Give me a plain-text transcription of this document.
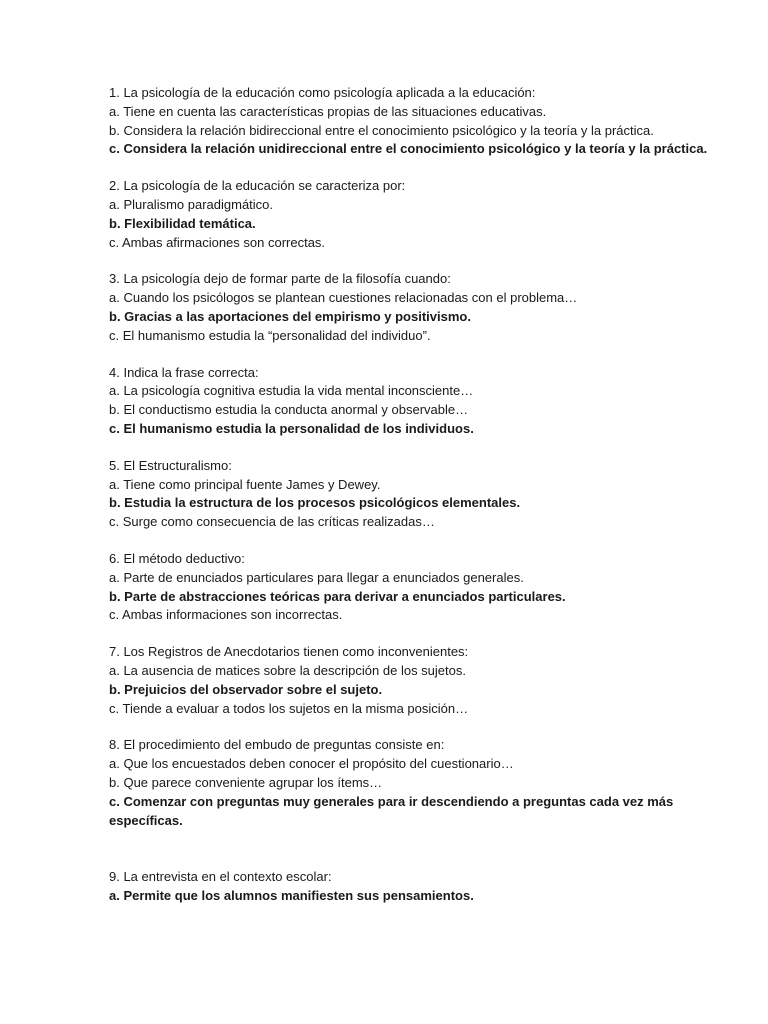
1. La psicología de la educación como psicología aplicada a la educación:
a. Tiene en cuenta las características propias de las situaciones educativas.
b. Considera la relación bidireccional entre el conocimiento psicológico y la teoría y la práctica.
c. Considera la relación unidireccional entre el conocimiento psicológico y la teoría y la práctica.
2. La psicología de la educación se caracteriza por:
a. Pluralismo paradigmático.
b. Flexibilidad temática.
c. Ambas afirmaciones son correctas.
3. La psicología dejo de formar parte de la filosofía cuando:
a. Cuando los psicólogos se plantean cuestiones relacionadas con el problema…
b. Gracias a las aportaciones del empirismo y positivismo.
c. El humanismo estudia la “personalidad del individuo”.
4. Indica la frase correcta:
a. La psicología cognitiva estudia la vida mental inconsciente…
b. El conductismo estudia la conducta anormal y observable…
c. El humanismo estudia la personalidad de los individuos.
5. El Estructuralismo:
a. Tiene como principal fuente James y Dewey.
b. Estudia la estructura de los procesos psicológicos elementales.
c. Surge como consecuencia de las críticas realizadas…
6. El método deductivo:
a. Parte de enunciados particulares para llegar a enunciados generales.
b. Parte de abstracciones teóricas para derivar a enunciados particulares.
c. Ambas informaciones son incorrectas.
7. Los Registros de Anecdotarios tienen como inconvenientes:
a. La ausencia de matices sobre la descripción de los sujetos.
b. Prejuicios del observador sobre el sujeto.
c. Tiende a evaluar a todos los sujetos en la misma posición…
8. El procedimiento del embudo de preguntas consiste en:
a. Que los encuestados deben conocer el propósito del cuestionario…
b. Que parece conveniente agrupar los ítems…
c. Comenzar con preguntas muy generales para ir descendiendo a preguntas cada vez más específicas.
9. La entrevista en el contexto escolar:
a. Permite que los alumnos manifiesten sus pensamientos.
